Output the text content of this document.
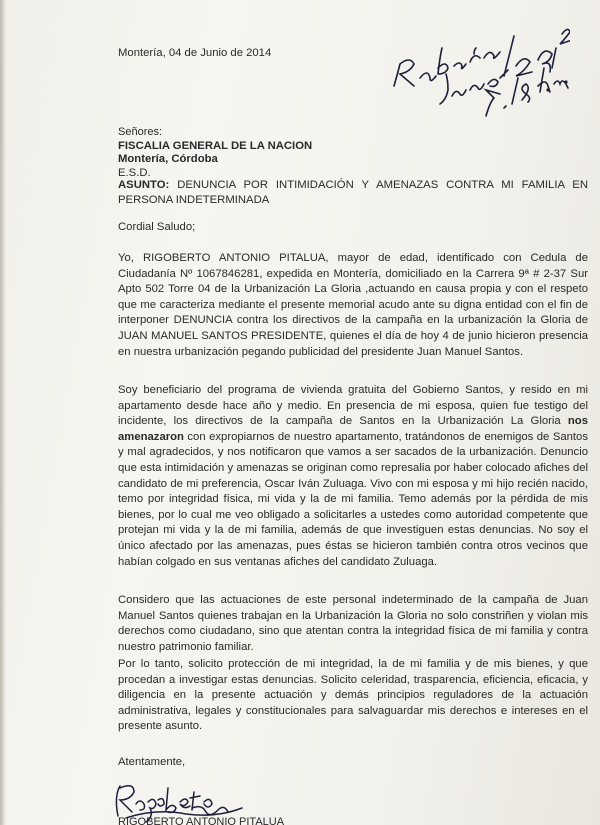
Montería, 04 de Junio de 2014
Radicada
Señores:
FISCALIA GENERAL DE LA NACION
Montería, Córdoba
E.S.D.
ASUNTO: DENUNCIA POR INTIMIDACIÓN Y AMENAZAS CONTRA MI FAMILIA EN PERSONA INDETERMINADA
Cordial Saludo;
Yo, RIGOBERTO ANTONIO PITALUA, mayor de edad, identificado con Cedula de Ciudadanía Nº 1067846281, expedida en Montería, domiciliado en la Carrera 9ª # 2-37 Sur Apto 502 Torre 04 de la Urbanización La Gloria ,actuando en causa propia y con el respeto que me caracteriza mediante el presente memorial acudo ante su digna entidad con el fin de interponer DENUNCIA contra los directivos de la campaña en la urbanización la Gloria de JUAN MANUEL SANTOS PRESIDENTE, quienes el día de hoy 4 de junio hicieron presencia en nuestra urbanización pegando publicidad del presidente Juan Manuel Santos.
Soy beneficiario del programa de vivienda gratuita del Gobierno Santos, y resido en mi apartamento desde hace año y medio. En presencia de mi esposa, quien fue testigo del incidente, los directivos de la campaña de Santos en la Urbanización La Gloria nos amenazaron con expropiarnos de nuestro apartamento, tratándonos de enemigos de Santos y mal agradecidos, y nos notificaron que vamos a ser sacados de la urbanización. Denuncio que esta intimidación y amenazas se originan como represalia por haber colocado afiches del candidato de mi preferencia, Oscar Iván Zuluaga. Vivo con mi esposa y mi hijo recién nacido, temo por integridad física, mi vida y la de mi familia. Temo además por la pérdida de mis bienes, por lo cual me veo obligado a solicitarles a ustedes como autoridad competente que protejan mi vida y la de mi familia, además de que investiguen estas denuncias. No soy el único afectado por las amenazas, pues éstas se hicieron también contra otros vecinos que habían colgado en sus ventanas afiches del candidato Zuluaga.
Considero que las actuaciones de este personal indeterminado de la campaña de Juan Manuel Santos quienes trabajan en la Urbanización la Gloria no solo constriñen y violan mis derechos como ciudadano, sino que atentan contra la integridad física de mi familia y contra nuestro patrimonio familiar.
Por lo tanto, solicito protección de mi integridad, la de mi familia y de mis bienes, y que procedan a investigar estas denuncias. Solicito celeridad, trasparencia, eficiencia, eficacia, y diligencia en la presente actuación y demás principios reguladores de la actuación administrativa, legales y constitucionales para salvaguardar mis derechos e intereses en el presente asunto.
Atentamente,
RIGOBERTO ANTONIO PITALUA
